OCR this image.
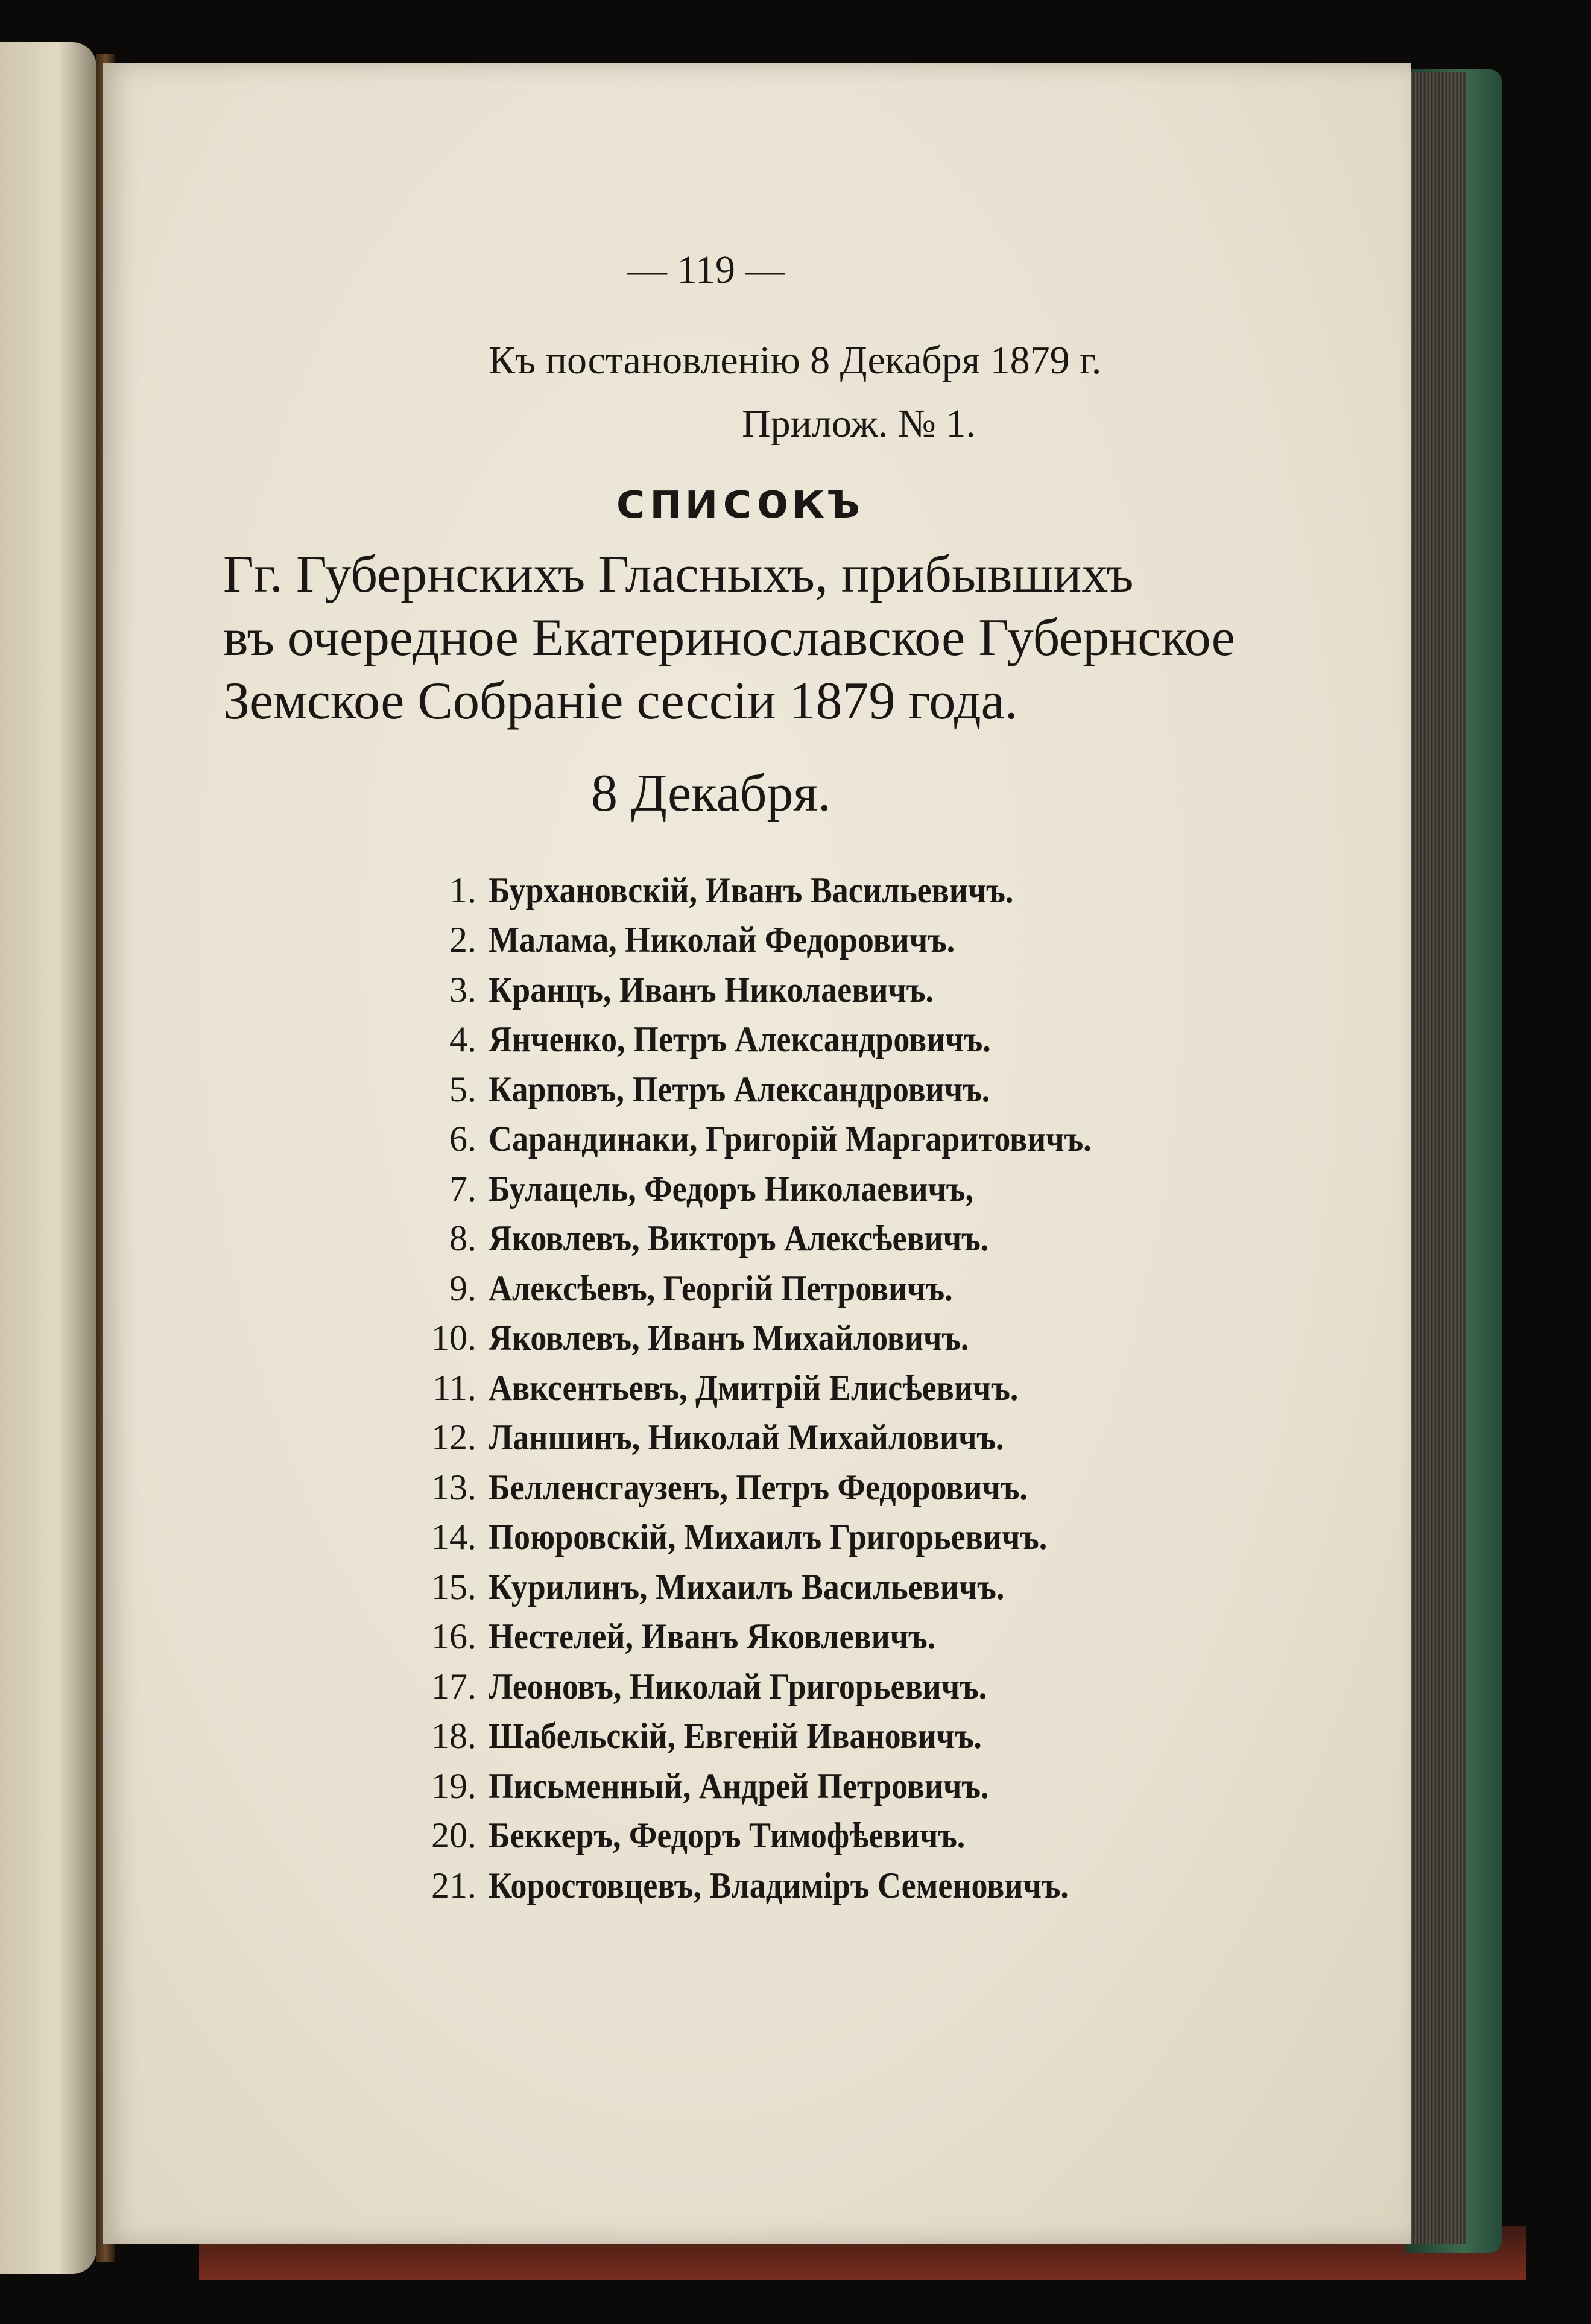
— 119 —
Къ постановленію 8 Декабря 1879 г.
Прилож. № 1.
СПИСОКЪ
Гг. Губернскихъ Гласныхъ, прибывшихъ
въ очередное Екатеринославское Губернское
Земское Собраніе сессіи 1879 года.
8 Декабря.
1. Бурхановскій, Иванъ Васильевичъ.
2. Малама, Николай Федоровичъ.
3. Кранцъ, Иванъ Николаевичъ.
4. Янченко, Петръ Александровичъ.
5. Карповъ, Петръ Александровичъ.
6. Сарандинаки, Григорій Маргаритовичъ.
7. Булацель, Федоръ Николаевичъ,
8. Яковлевъ, Викторъ Алексѣевичъ.
9. Алексѣевъ, Георгій Петровичъ.
10. Яковлевъ, Иванъ Михайловичъ.
11. Авксентьевъ, Дмитрій Елисѣевичъ.
12. Ланшинъ, Николай Михайловичъ.
13. Белленсгаузенъ, Петръ Федоровичъ.
14. Поюровскій, Михаилъ Григорьевичъ.
15. Курилинъ, Михаилъ Васильевичъ.
16. Нестелей, Иванъ Яковлевичъ.
17. Леоновъ, Николай Григорьевичъ.
18. Шабельскій, Евгеній Ивановичъ.
19. Письменный, Андрей Петровичъ.
20. Беккеръ, Федоръ Тимофѣевичъ.
21. Коростовцевъ, Владиміръ Семеновичъ.
